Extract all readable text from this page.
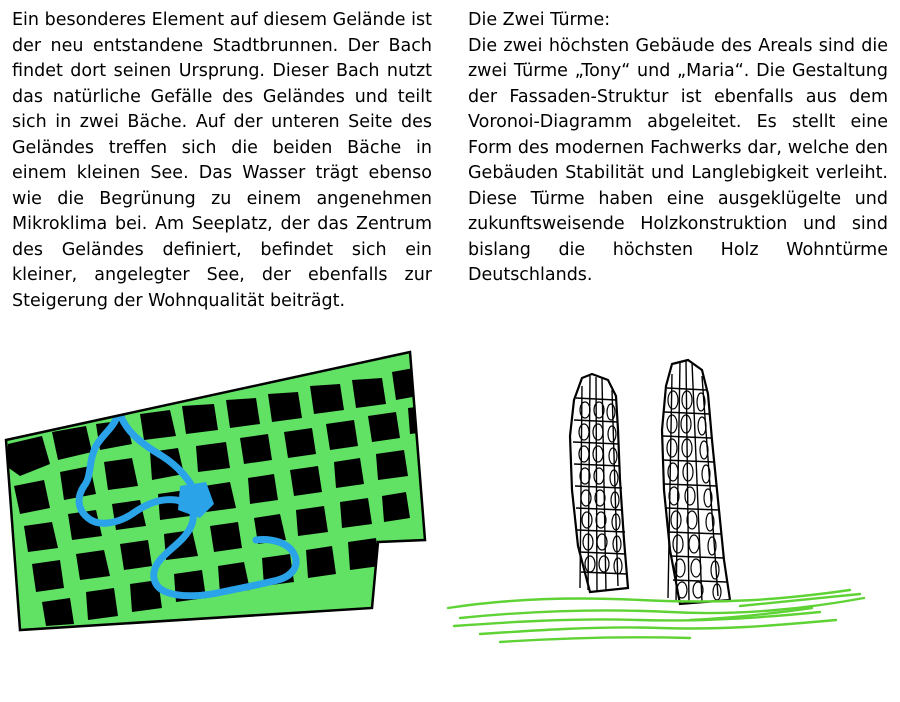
Ein besonderes Element auf diesem Gelände ist der neu entstandene Stadtbrunnen. Der Bach findet dort seinen Ursprung. Dieser Bach nutzt das natürliche Gefälle des Geländes und teilt sich in zwei Bäche. Auf der unteren Seite des Geländes treffen sich die beiden Bäche in einem kleinen See. Das Wasser trägt ebenso wie die Begrünung zu einem angenehmen Mikroklima bei. Am Seeplatz, der das Zentrum des Geländes definiert, befindet sich ein kleiner, angelegter See, der ebenfalls zur Steigerung der Wohnqualität beiträgt.

Die Zwei Türme:

Die zwei höchsten Gebäude des Areals sind die zwei Türme „Tony“ und „Maria“. Die Gestaltung der Fassaden-Struktur ist ebenfalls aus dem Voronoi-Diagramm abgeleitet. Es stellt eine Form des modernen Fachwerks dar, welche den Gebäuden Stabilität und Langlebigkeit verleiht. Diese Türme haben eine ausgeklügelte und zukunftsweisende Holzkonstruktion und sind bislang die höchsten Holz Wohntürme Deutschlands.
